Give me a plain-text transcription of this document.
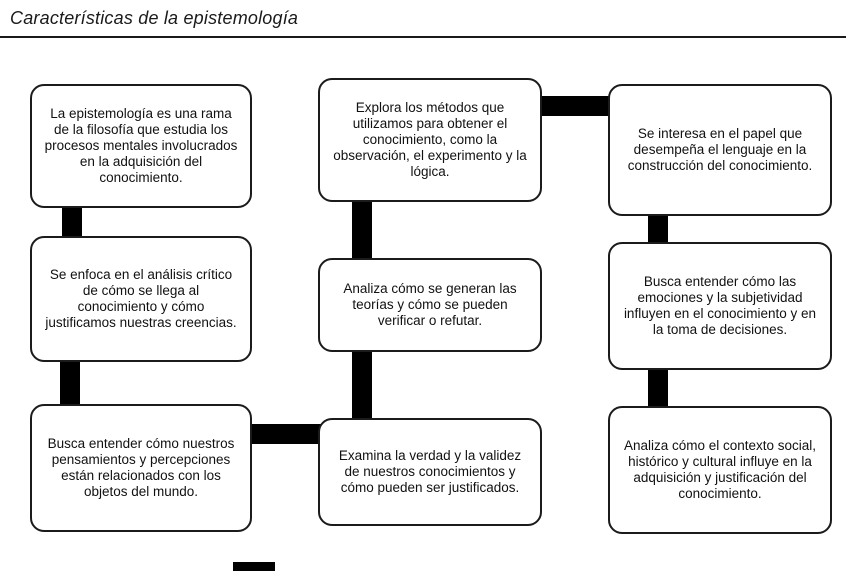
Características de la epistemología
La epistemología es una rama de la filosofía que estudia los procesos mentales involucrados en la adquisición del conocimiento.
Se enfoca en el análisis crítico de cómo se llega al conocimiento y cómo justificamos nuestras creencias.
Busca entender cómo nuestros pensamientos y percepciones están relacionados con los objetos del mundo.
Explora los métodos que utilizamos para obtener el conocimiento, como la observación, el experimento y la lógica.
Analiza cómo se generan las teorías y cómo se pueden verificar o refutar.
Examina la verdad y la validez de nuestros conocimientos y cómo pueden ser justificados.
Se interesa en el papel que desempeña el lenguaje en la construcción del conocimiento.
Busca entender cómo las emociones y la subjetividad influyen en el conocimiento y en la toma de decisiones.
Analiza cómo el contexto social, histórico y cultural influye en la adquisición y justificación del conocimiento.
